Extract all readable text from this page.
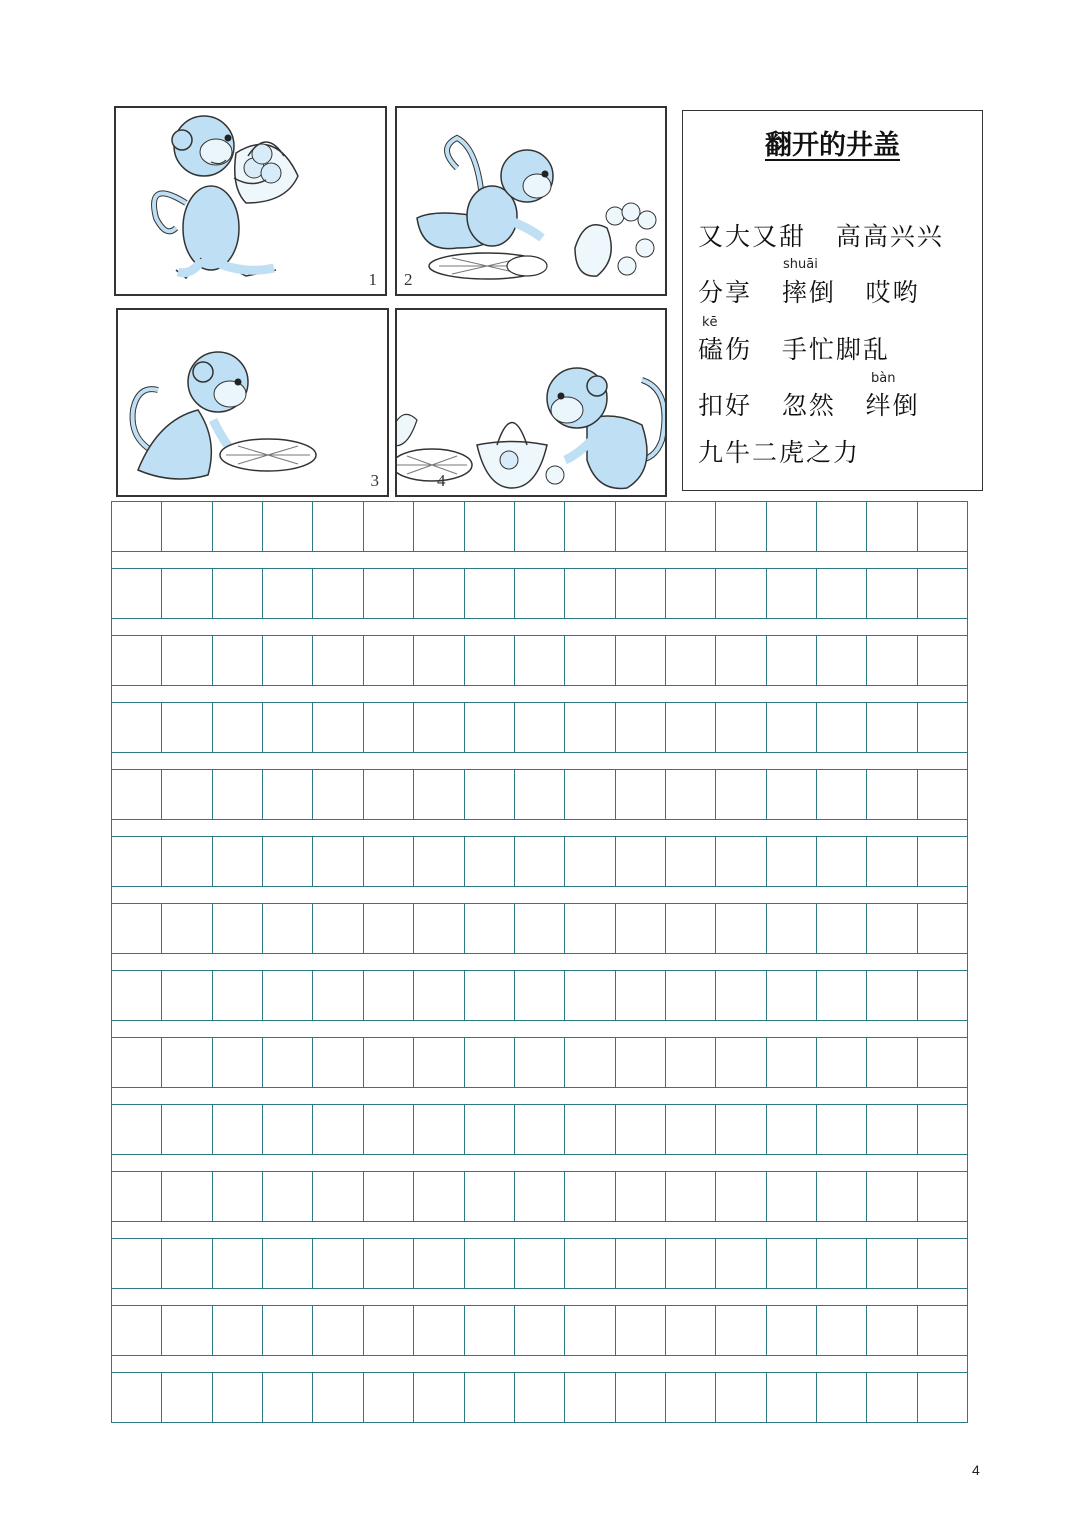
1 2
3	4
翻开的井盖
又大又甜   高高兴兴
shuāi
分享   摔倒   哎哟
kē
磕伤   手忙脚乱
bàn
扣好   忽然   绊倒
九牛二虎之力
4
